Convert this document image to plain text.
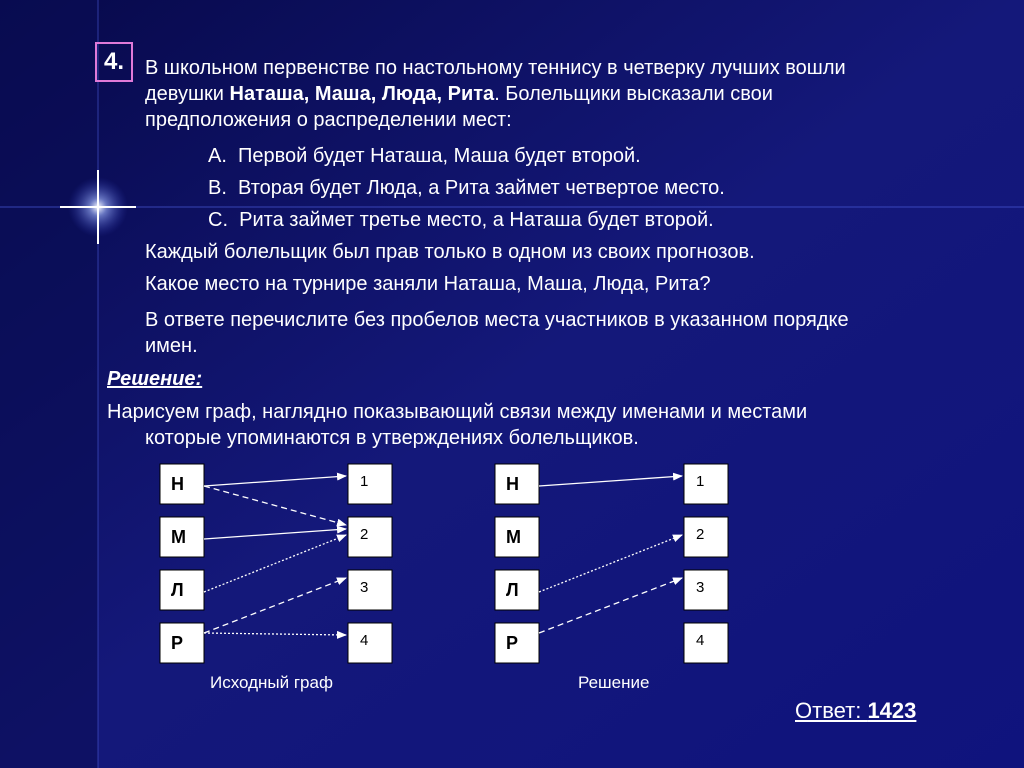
4.	В школьном первенстве по настольному теннису в четверку лучших вошли
девушки Наташа, Маша, Люда, Рита. Болельщики высказали свои
предположения о распределении мест:
А. Первой будет Наташа, Маша будет второй.
В. Вторая будет Люда, а Рита займет четвертое место.
С. Рита займет третье место, а Наташа будет второй.
Каждый болельщик был прав только в одном из своих прогнозов.
Какое место на турнире заняли Наташа, Маша, Люда, Рита?
В ответе перечислите без пробелов места участников в указанном порядке
имен.
Решение:
Нарисуем граф, наглядно показывающий связи между именами и местами
которые упоминаются в утверждениях болельщиков.
Н
М
Л
Р
1
2
3
4
Н
М
Л
Р
1
2
3
4
Исходный граф	Решение
Ответ: 1423
